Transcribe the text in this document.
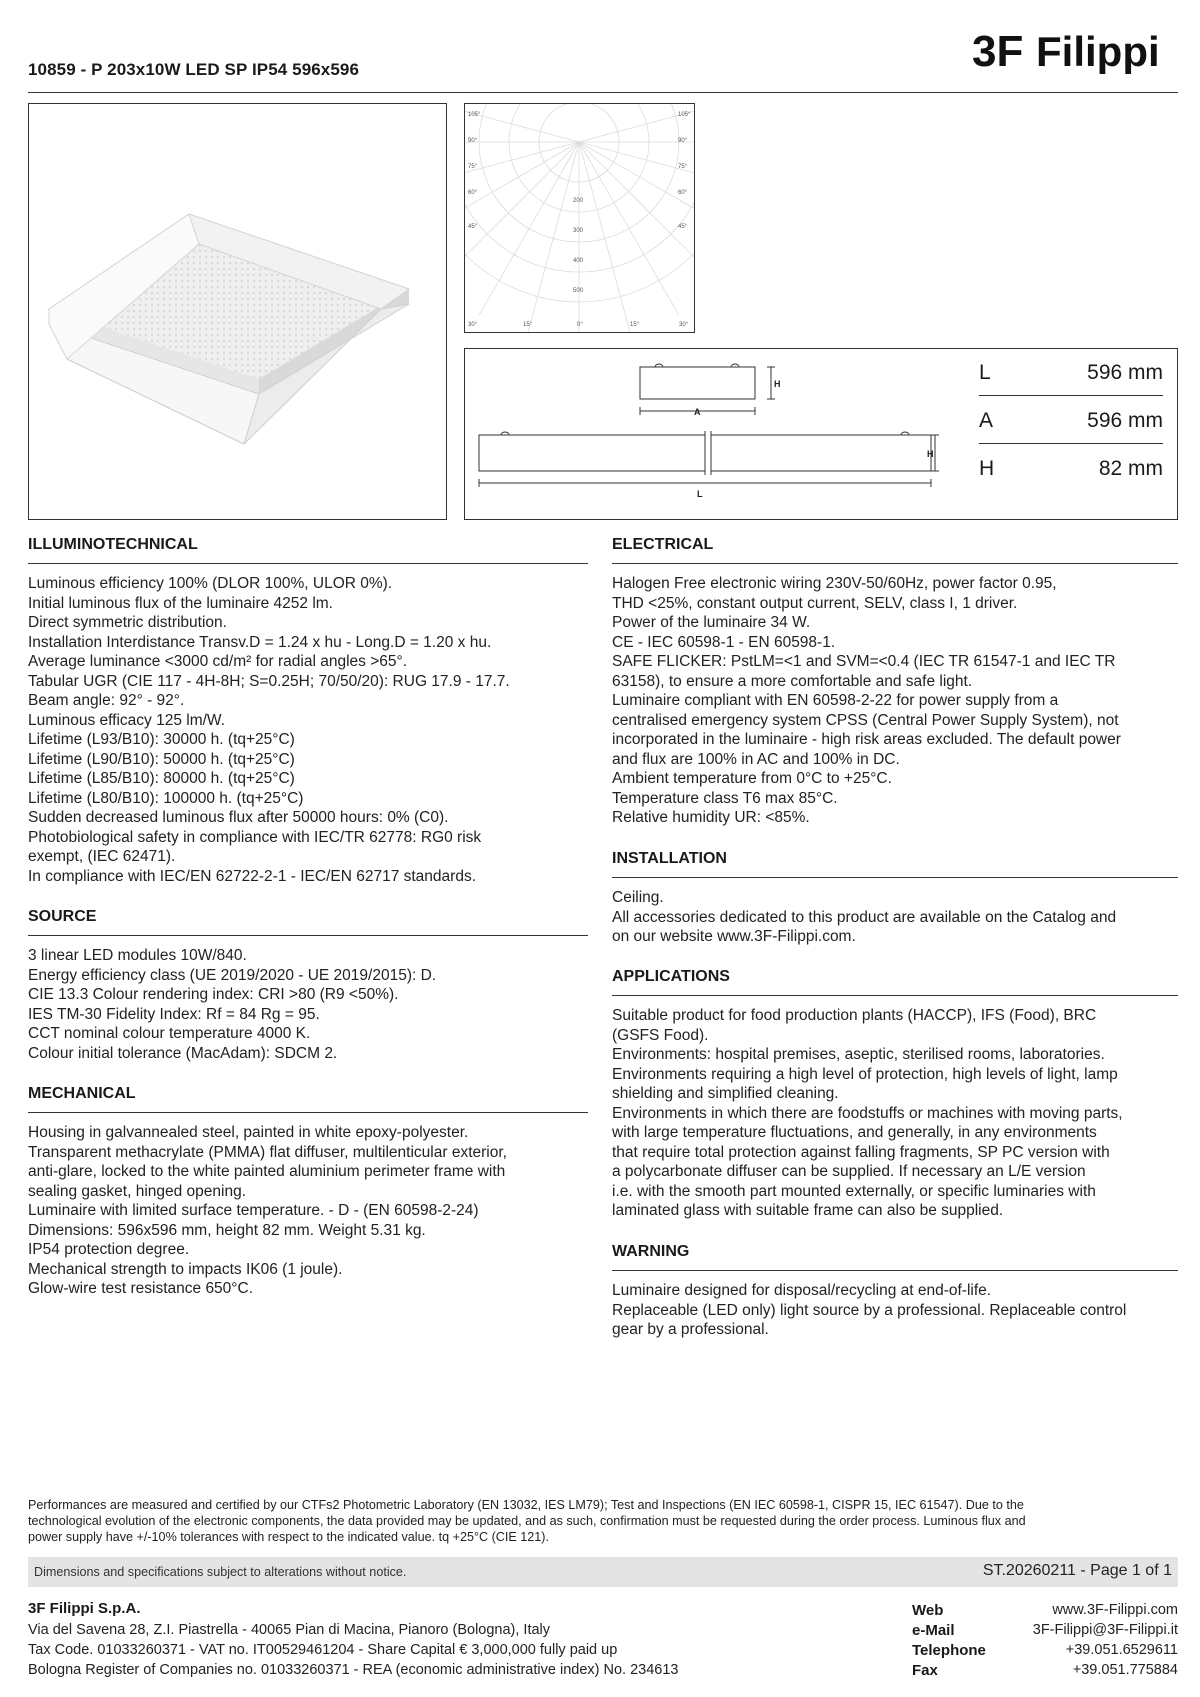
10859 - P 203x10W LED SP IP54 596x596	3F Filippi
200
300
400
500
105°
90°
75°
60°
45°
105°
90°
75°
60°
45°
30°	15°	0°	15°	30°
H
A
H
L
L	596 mm
A	596 mm
H	82 mm
ILLUMINOTECHNICAL
Luminous efficiency 100% (DLOR 100%, ULOR 0%).
Initial luminous flux of the luminaire 4252 lm.
Direct symmetric distribution.
Installation Interdistance Transv.D = 1.24 x hu - Long.D = 1.20 x hu.
Average luminance <3000 cd/m² for radial angles >65°.
Tabular UGR (CIE 117 - 4H-8H; S=0.25H; 70/50/20): RUG 17.9 - 17.7.
Beam angle: 92° - 92°.
Luminous efficacy 125 lm/W.
Lifetime (L93/B10): 30000 h. (tq+25°C)
Lifetime (L90/B10): 50000 h. (tq+25°C)
Lifetime (L85/B10): 80000 h. (tq+25°C)
Lifetime (L80/B10): 100000 h. (tq+25°C)
Sudden decreased luminous flux after 50000 hours: 0% (C0).
Photobiological safety in compliance with IEC/TR 62778: RG0 risk
exempt, (IEC 62471).
In compliance with IEC/EN 62722-2-1 - IEC/EN 62717 standards.
SOURCE
3 linear LED modules 10W/840.
Energy efficiency class (UE 2019/2020 - UE 2019/2015): D.
CIE 13.3 Colour rendering index: CRI >80 (R9 <50%).
IES TM-30 Fidelity Index: Rf = 84 Rg = 95.
CCT nominal colour temperature 4000 K.
Colour initial tolerance (MacAdam): SDCM 2.
MECHANICAL
Housing in galvannealed steel, painted in white epoxy-polyester.
Transparent methacrylate (PMMA) flat diffuser, multilenticular exterior,
anti-glare, locked to the white painted aluminium perimeter frame with
sealing gasket, hinged opening.
Luminaire with limited surface temperature. - D - (EN 60598-2-24)
Dimensions: 596x596 mm, height 82 mm. Weight 5.31 kg.
IP54 protection degree.
Mechanical strength to impacts IK06 (1 joule).
Glow-wire test resistance 650°C.
ELECTRICAL
Halogen Free electronic wiring 230V-50/60Hz, power factor 0.95,
THD <25%, constant output current, SELV, class I, 1 driver.
Power of the luminaire 34 W.
CE - IEC 60598-1 - EN 60598-1.
SAFE FLICKER: PstLM=<1 and SVM=<0.4 (IEC TR 61547-1 and IEC TR
63158), to ensure a more comfortable and safe light.
Luminaire compliant with EN 60598-2-22 for power supply from a
centralised emergency system CPSS (Central Power Supply System), not
incorporated in the luminaire - high risk areas excluded. The default power
and flux are 100% in AC and 100% in DC.
Ambient temperature from 0°C to +25°C.
Temperature class T6 max 85°C.
Relative humidity UR: <85%.
INSTALLATION
Ceiling.
All accessories dedicated to this product are available on the Catalog and
on our website www.3F-Filippi.com.
APPLICATIONS
Suitable product for food production plants (HACCP), IFS (Food), BRC
(GSFS Food).
Environments: hospital premises, aseptic, sterilised rooms, laboratories.
Environments requiring a high level of protection, high levels of light, lamp
shielding and simplified cleaning.
Environments in which there are foodstuffs or machines with moving parts,
with large temperature fluctuations, and generally, in any environments
that require total protection against falling fragments, SP PC version with
a polycarbonate diffuser can be supplied. If necessary an L/E version
i.e. with the smooth part mounted externally, or specific luminaries with
laminated glass with suitable frame can also be supplied.
WARNING
Luminaire designed for disposal/recycling at end-of-life.
Replaceable (LED only) light source by a professional. Replaceable control
gear by a professional.
Performances are measured and certified by our CTFs2 Photometric Laboratory (EN 13032, IES LM79); Test and Inspections (EN IEC 60598-1, CISPR 15, IEC 61547). Due to the
technological evolution of the electronic components, the data provided may be updated, and as such, confirmation must be requested during the order process. Luminous flux and
power supply have +/-10% tolerances with respect to the indicated value. tq +25°C (CIE 121).
Dimensions and specifications subject to alterations without notice.	ST.20260211 - Page 1 of 1
3F Filippi S.p.A.
Via del Savena 28, Z.I. Piastrella - 40065 Pian di Macina, Pianoro (Bologna), Italy
Tax Code. 01033260371 - VAT no. IT00529461204 - Share Capital € 3,000,000 fully paid up
Bologna Register of Companies no. 01033260371 - REA (economic administrative index) No. 234613
Web	www.3F-Filippi.com
e-Mail	3F-Filippi@3F-Filippi.it
Telephone	+39.051.6529611
Fax	+39.051.775884
